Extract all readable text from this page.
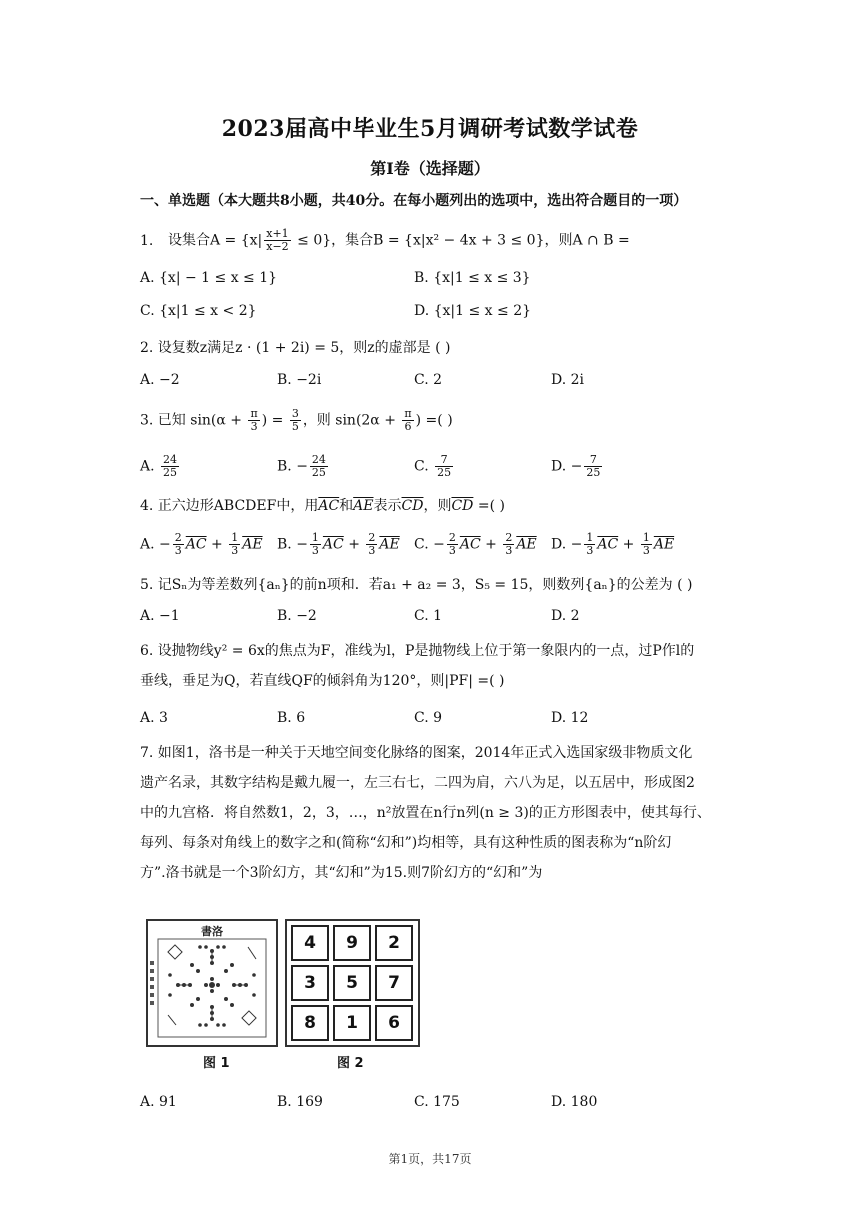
2023届高中毕业生5月调研考试数学试卷
第I卷（选择题）
一、单选题（本大题共8小题，共40分。在每小题列出的选项中，选出符合题目的一项）
1. 设集合$A = \{x| \frac{x+1}{x-2} \le 0\}$，集合B = {x|x² − 4x + 3 ≤ 0}，则A ∩ B =
A. {x| − 1 ≤ x ≤ 1}	B. {x|1 ≤ x ≤ 3}
C. {x|1 ≤ x < 2}	D. {x|1 ≤ x ≤ 2}
2. 设复数z满足z · (1 + 2i) = 5，则z的虚部是 ( )
A. −2	B. −2i	C. 2	D. 2i
3. 已知 $\sin(\alpha + \frac{\pi}{3}$ ) = $\frac{3}{5}$ ，则 $\sin(2\alpha + \frac{\pi}{6}$ ) =( )
A. $\frac{24}{25}$	B. − $\frac{24}{25}$	C. $\frac{7}{25}$	D. − $\frac{7}{25}$
4. 正六边形ABCDEF中，用$\overline{AC}$和$\overline{AE}$表示$\overline{CD}$，则$\overline{CD}$ =( )
A. − $\frac{2}{3} \overline{AC} + \frac{1}{3} \overline{AE}$ B. − $\frac{1}{3} \overline{AC} + \frac{2}{3} \overline{AE}$ C. − $\frac{2}{3} \overline{AC} + \frac{2}{3} \overline{AE}$ D. − $\frac{1}{3} \overline{AC} + \frac{1}{3} \overline{AE}$
5. 记Sₙ为等差数列{aₙ}的前n项和．若a₁ + a₂ = 3，S₅ = 15，则数列{aₙ}的公差为 ( )
A. −1	B. −2	C. 1	D. 2
6. 设抛物线y² = 6x的焦点为F，准线为l，P是抛物线上位于第一象限内的一点，过P作l的
垂线，垂足为Q，若直线QF的倾斜角为120°，则|PF| =( )
A. 3	B. 6	C. 9	D. 12
7. 如图1，洛书是一种关于天地空间变化脉络的图案，2014年正式入选国家级非物质文化
遗产名录，其数字结构是戴九履一，左三右七，二四为肩，六八为足，以五居中，形成图2
中的九宫格．将自然数1，2，3，…，n²放置在n行n列(n ≥ 3)的正方形图表中，使其每行、
每列、每条对角线上的数字之和(简称“幻和”)均相等，具有这种性质的图表称为“n阶幻
方”.洛书就是一个3阶幻方，其“幻和”为15.则7阶幻方的“幻和”为
書洛
图 1
4	9	2
3	5	7
8	1	6
图 2
A. 91	B. 169	C. 175	D. 180
第1页，共17页
